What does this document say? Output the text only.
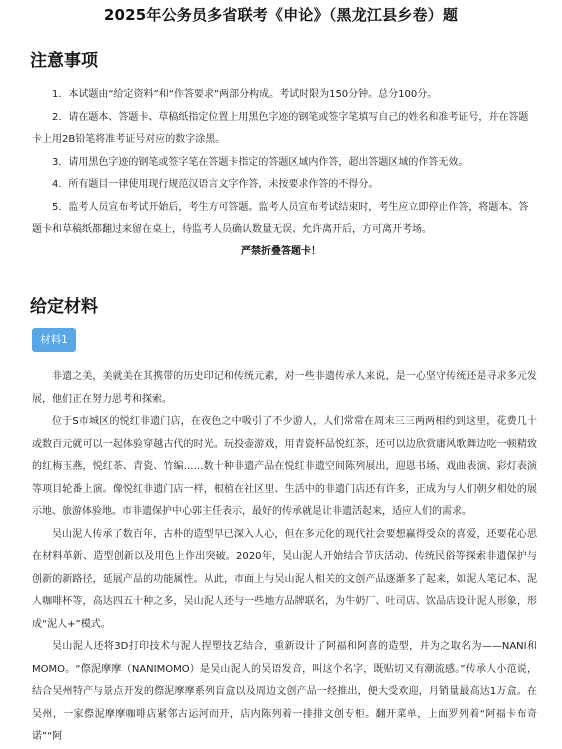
2025年公务员多省联考《申论》（黑龙江县乡卷）题
注意事项

1．本试题由“给定资料”和“作答要求”两部分构成。考试时限为150分钟。总分100分。

2．请在题本、答题卡、草稿纸指定位置上用黑色字迹的钢笔或签字笔填写自己的姓名和准考证号，并在答题卡上用2B铅笔将准考证号对应的数字涂黑。

3．请用黑色字迹的钢笔或签字笔在答题卡指定的答题区域内作答，超出答题区域的作答无效。

4．所有题目一律使用现行规范汉语言文字作答，未按要求作答的不得分。

5．监考人员宣布考试开始后，考生方可答题。监考人员宣布考试结束时，考生应立即停止作答，将题本、答题卡和草稿纸都翻过来留在桌上，待监考人员确认数量无误、允许离开后，方可离开考场。

严禁折叠答题卡！
给定材料
材料1

非遗之美，美就美在其携带的历史印记和传统元素，对一些非遗传承人来说，是一心坚守传统还是寻求多元发展，他们正在努力思考和探索。

位于S市城区的悦红非遗门店，在夜色之中吸引了不少游人，人们常常在周末三三两两相约到这里，花费几十或数百元就可以一起体验穿越古代的时光。玩投壶游戏，用青瓷杯品悦红茶，还可以边欣赏庸风歌舞边吃一顿精致的红梅玉燕，悦红茶、青瓷、竹编……数十种非遗产品在悦红非遗空间陈列展出，迎恩书场、戏曲表演、彩灯表演等项目轮番上演。像悦红非遗门店一样，根植在社区里、生活中的非遗门店还有许多，正成为与人们朝夕相处的展示地、旅游体验地。市非遗保护中心郭主任表示，最好的传承就是让非遗活起来，适应人们的需求。

吴山泥人传承了数百年，古朴的造型早已深入人心，但在多元化的现代社会要想赢得受众的喜爱，还要花心思在材料革新、造型创新以及用色上作出突破。2020年，吴山泥人开始结合节庆活动、传统民俗等探索非遗保护与创新的新路径，延展产品的功能属性。从此，市面上与吴山泥人相关的文创产品逐渐多了起来，如泥人笔记本、泥人咖啡杯等，高达四五十种之多，吴山泥人还与一些地方品牌联名，为牛奶厂、吐司店、饮品店设计泥人形象，形成“泥人+”模式。

吴山泥人还将3D打印技术与泥人捏塑技艺结合，重新设计了阿福和阿喜的造型，并为之取名为——NANI和MOMO。“傺泥摩摩（NANIMOMO）是吴山泥人的吴语发音，叫这个名字，既贴切又有潮流感。”传承人小范说，结合吴州特产与景点开发的傺泥摩摩系列盲盒以及周边文创产品一经推出，便大受欢迎，月销量最高达1万盒。在吴州，一家傺泥摩摩咖啡店紧邻古运河而开，店内陈列着一排排文创专柜。翻开菜单，上面罗列着“阿福卡布奇诺”“阿
